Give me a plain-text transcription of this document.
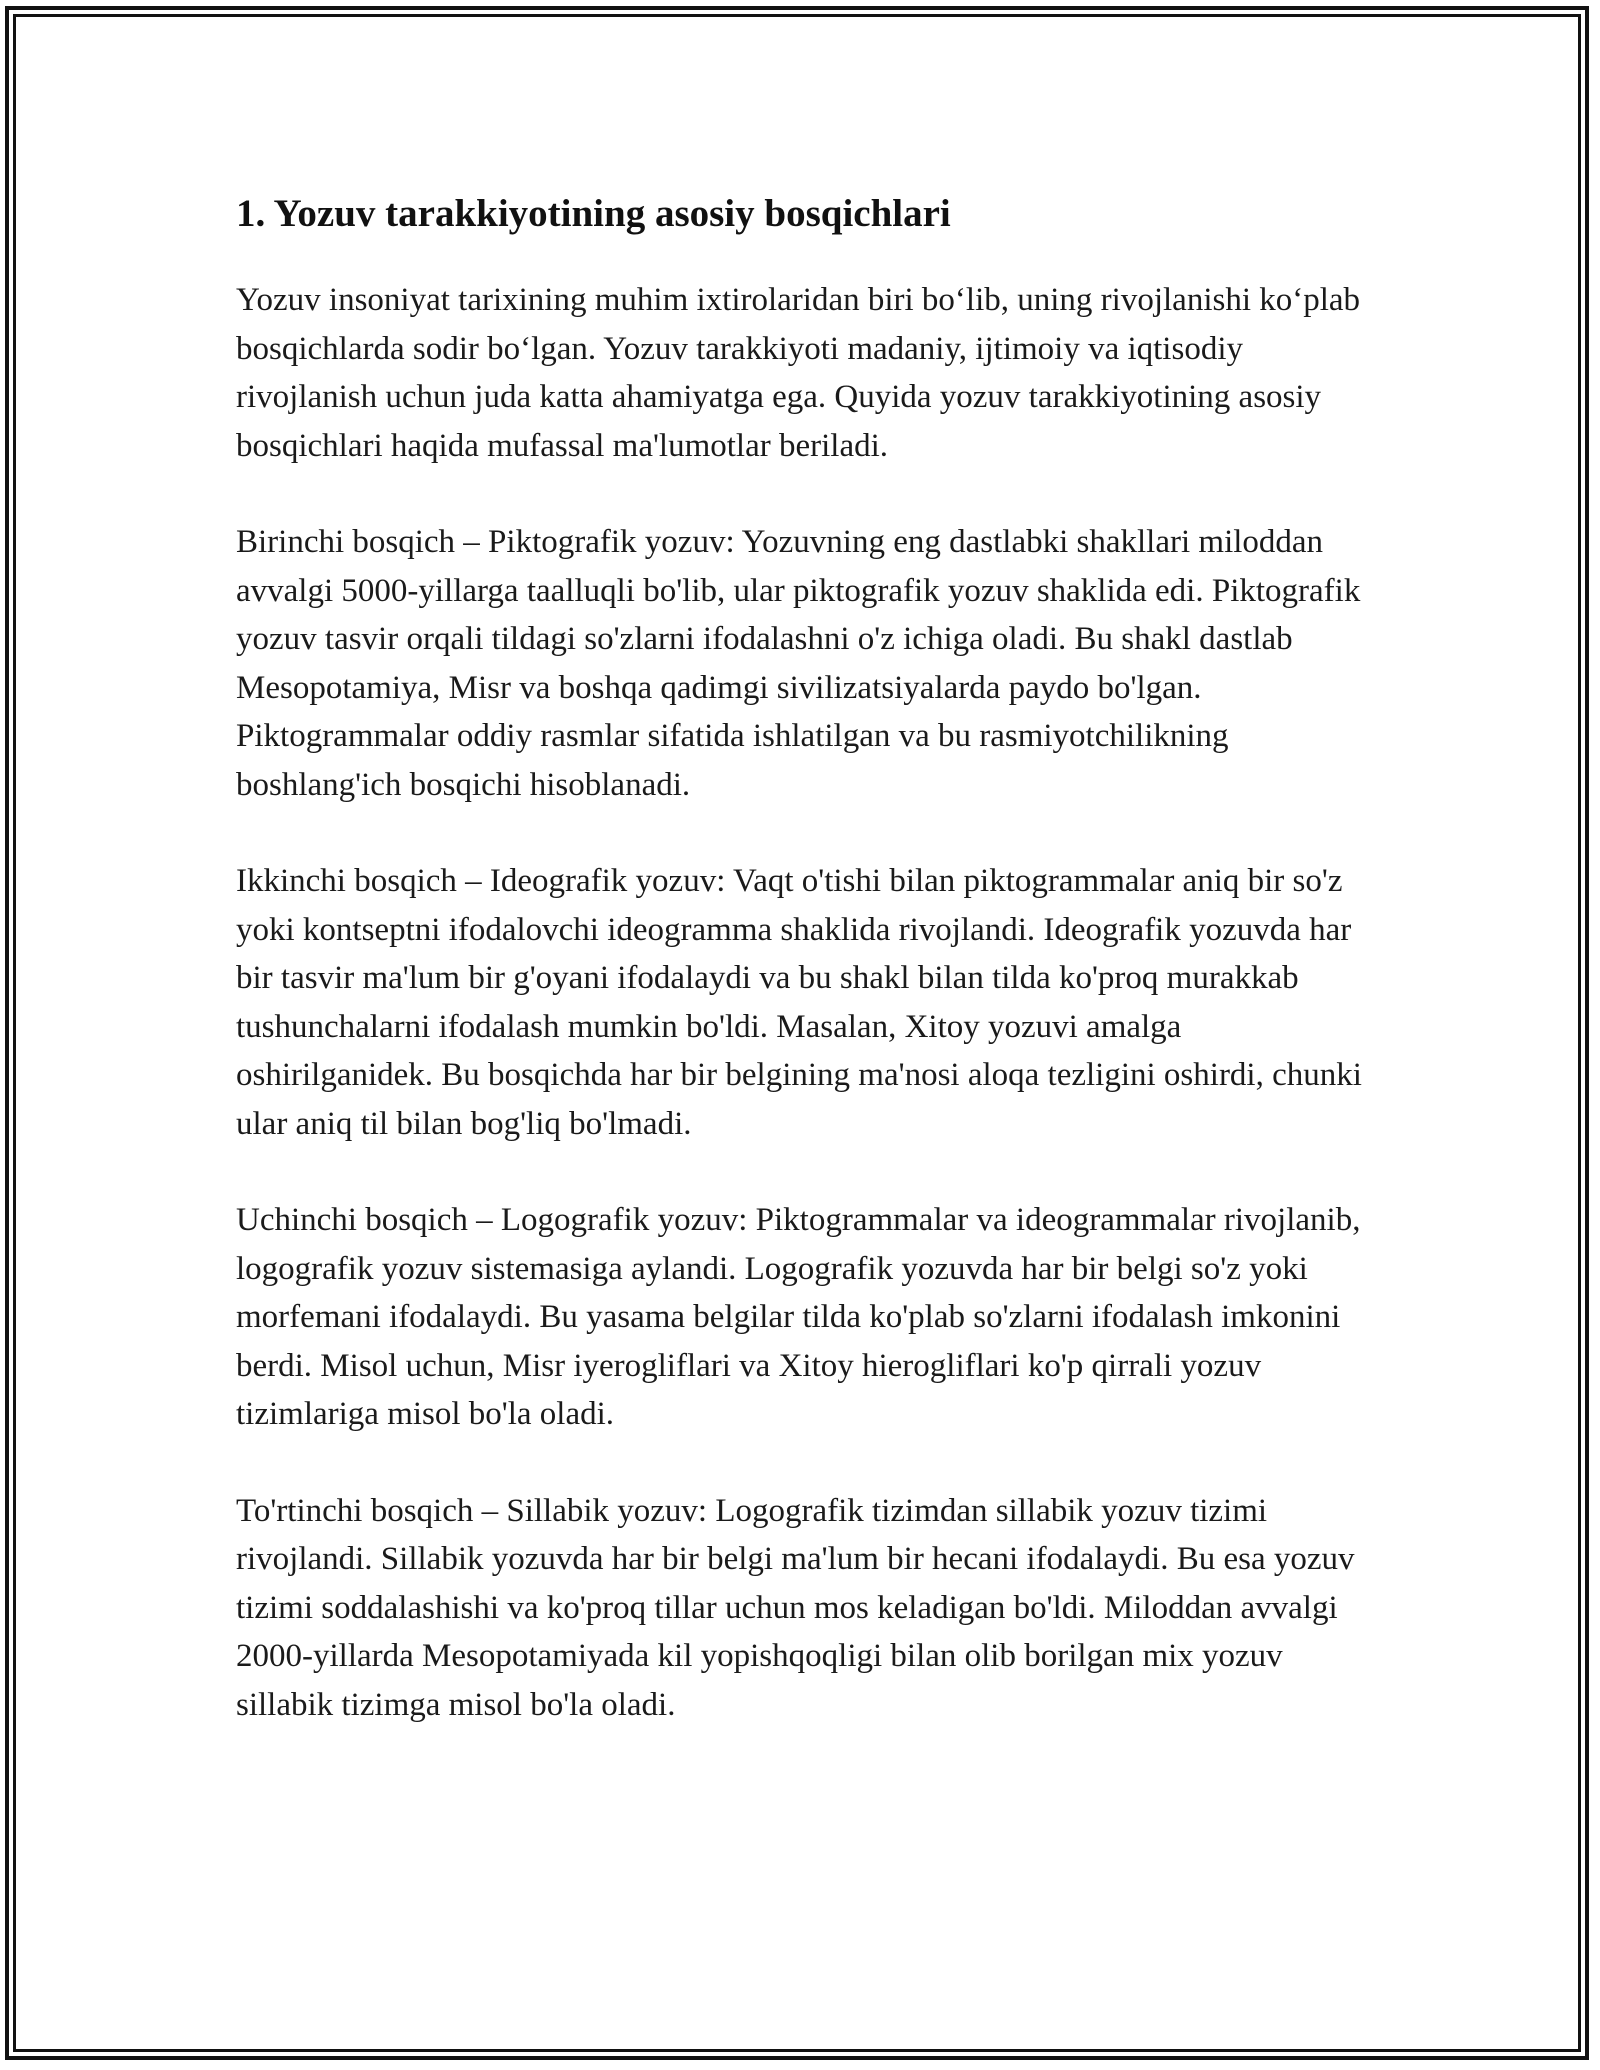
1. Yozuv tarakkiyotining asosiy bosqichlari

Yozuv insoniyat tarixining muhim ixtirolaridan biri bo‘lib, uning rivojlanishi ko‘plab bosqichlarda sodir bo‘lgan. Yozuv tarakkiyoti madaniy, ijtimoiy va iqtisodiy rivojlanish uchun juda katta ahamiyatga ega. Quyida yozuv tarakkiyotining asosiy bosqichlari haqida mufassal ma'lumotlar beriladi.

Birinchi bosqich – Piktografik yozuv: Yozuvning eng dastlabki shakllari miloddan avvalgi 5000-yillarga taalluqli bo'lib, ular piktografik yozuv shaklida edi. Piktografik yozuv tasvir orqali tildagi so'zlarni ifodalashni o'z ichiga oladi. Bu shakl dastlab Mesopotamiya, Misr va boshqa qadimgi sivilizatsiyalarda paydo bo'lgan. Piktogrammalar oddiy rasmlar sifatida ishlatilgan va bu rasmiyotchilikning boshlang'ich bosqichi hisoblanadi.

Ikkinchi bosqich – Ideografik yozuv: Vaqt o'tishi bilan piktogrammalar aniq bir so'z yoki kontseptni ifodalovchi ideogramma shaklida rivojlandi. Ideografik yozuvda har bir tasvir ma'lum bir g'oyani ifodalaydi va bu shakl bilan tilda ko'proq murakkab tushunchalarni ifodalash mumkin bo'ldi. Masalan, Xitoy yozuvi amalga oshirilganidek. Bu bosqichda har bir belgining ma'nosi aloqa tezligini oshirdi, chunki ular aniq til bilan bog'liq bo'lmadi.

Uchinchi bosqich – Logografik yozuv: Piktogrammalar va ideogrammalar rivojlanib, logografik yozuv sistemasiga aylandi. Logografik yozuvda har bir belgi so'z yoki morfemani ifodalaydi. Bu yasama belgilar tilda ko'plab so'zlarni ifodalash imkonini berdi. Misol uchun, Misr iyerogliflari va Xitoy hierogliflari ko'p qirrali yozuv tizimlariga misol bo'la oladi.

To'rtinchi bosqich – Sillabik yozuv: Logografik tizimdan sillabik yozuv tizimi rivojlandi. Sillabik yozuvda har bir belgi ma'lum bir hecani ifodalaydi. Bu esa yozuv tizimi soddalashishi va ko'proq tillar uchun mos keladigan bo'ldi. Miloddan avvalgi 2000-yillarda Mesopotamiyada kil yopishqoqligi bilan olib borilgan mix yozuv sillabik tizimga misol bo'la oladi.
